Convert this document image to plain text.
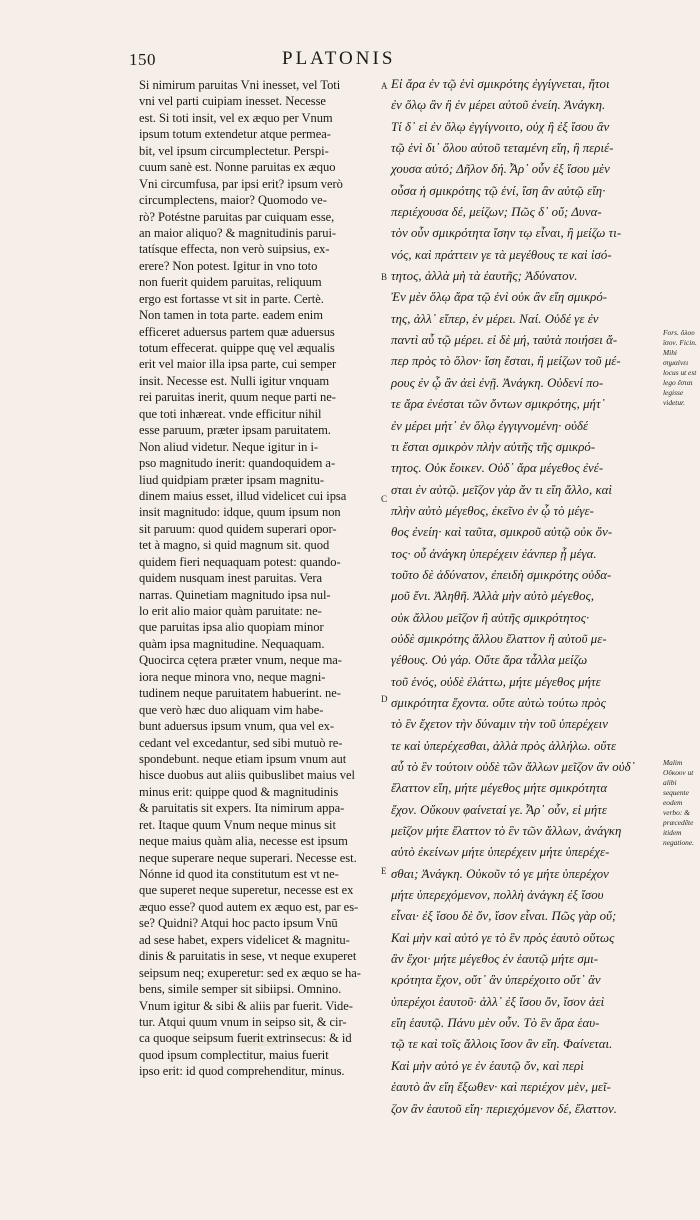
150	PLATONIS
Si nimirum paruitas Vni inesset, vel Toti
vni vel parti cuipiam inesset. Necesse
est. Si toti insit, vel ex æquo per Vnum
ipsum totum extendetur atque permea-
bit, vel ipsum circumplectetur. Perspi-
cuum sanè est. Nonne paruitas ex æquo
Vni circumfusa, par ipsi erit? ipsum verò
circumplectens, maior? Quomodo ve-
rò? Potéstne paruitas par cuiquam esse,
an maior aliquo? & magnitudinis parui-
tatísque effecta, non verò suipsius, ex-
erere? Non potest. Igitur in vno toto
non fuerit quidem paruitas, reliquum
ergo est fortasse vt sit in parte. Certè.
Non tamen in tota parte. eadem enim
efficeret aduersus partem quæ aduersus
totum effecerat. quippe quę vel æqualis
erit vel maior illa ipsa parte, cui semper
insit. Necesse est. Nulli igitur vnquam
rei paruitas inerit, quum neque parti ne-
que toti inhæreat. vnde efficitur nihil
esse paruum, præter ipsam paruitatem.
Non aliud videtur. Neque igitur in i-
pso magnitudo inerit: quandoquidem a-
liud quidpiam præter ipsam magnitu-
dinem maius esset, illud videlicet cui ipsa
insit magnitudo: idque, quum ipsum non
sit paruum: quod quidem superari opor-
tet à magno, si quid magnum sit. quod
quidem fieri nequaquam potest: quando-
quidem nusquam inest paruitas. Vera
narras. Quinetiam magnitudo ipsa nul-
lo erit alio maior quàm paruitate: ne-
que paruitas ipsa alio quopiam minor
quàm ipsa magnitudine. Nequaquam.
Quocirca cętera præter vnum, neque ma-
iora neque minora vno, neque magni-
tudinem neque paruitatem habuerint. ne-
que verò hæc duo aliquam vim habe-
bunt aduersus ipsum vnum, qua vel ex-
cedant vel excedantur, sed sibi mutuò re-
spondebunt. neque etiam ipsum vnum aut
hisce duobus aut aliis quibuslibet maius vel
minus erit: quippe quod & magnitudinis
& paruitatis sit expers. Ita nimirum appa-
ret. Itaque quum Vnum neque minus sit
neque maius quàm alia, necesse est ipsum
neque superare neque superari. Necesse est.
Nónne id quod ita constitutum est vt ne-
que superet neque superetur, necesse est ex
æquo esse? quod autem ex æquo est, par es-
se? Quidni? Atqui hoc pacto ipsum Vnū
ad sese habet, expers videlicet & magnitu-
dinis & paruitatis in sese, vt neque exuperet
seipsum neq; exuperetur: sed ex æquo se ha-
bens, simile semper sit sibiipsi. Omnino.
Vnum igitur & sibi & aliis par fuerit. Vide-
tur. Atqui quum vnum in seipso sit, & cir-
ca quoque seipsum fuerit extrinsecus: & id
quod ipsum complectitur, maius fuerit
ipso erit: id quod comprehenditur, minus.
A
B
C
D
E
Εἰ ἄρα ἐν τῷ ἑνὶ σμικρότης ἐγγίγνεται, ἤτοι
ἐν ὅλῳ ἂν ἢ ἐν μέρει αὐτοῦ ἐνείη. Ἀνάγκη.
Τί δ᾽ εἰ ἐν ὅλῳ ἐγγίγνοιτο, οὐχ ἢ ἐξ ἴσου ἂν
τῷ ἑνὶ δι᾽ ὅλου αὐτοῦ τεταμένη εἴη, ἢ περιέ-
χουσα αὐτό; Δῆλον δή. Ἆρ᾽ οὖν ἐξ ἴσου μὲν
οὖσα ἡ σμικρότης τῷ ἑνί, ἴση ἂν αὐτῷ εἴη·
περιέχουσα δέ, μείζων; Πῶς δ᾽ οὔ; Δυνα-
τὸν οὖν σμικρότητα ἴσην τῳ εἶναι, ἢ μείζω τι-
νός, καὶ πράττειν γε τὰ μεγέθους τε καὶ ἰσό-
τητος, ἀλλὰ μὴ τὰ ἑαυτῆς; Ἀδύνατον.
Ἐν μὲν ὅλῳ ἄρα τῷ ἑνὶ οὐκ ἂν εἴη σμικρό-
της, ἀλλ᾽ εἴπερ, ἐν μέρει. Ναί. Οὐδέ γε ἐν
παντὶ αὖ τῷ μέρει. εἰ δὲ μή, ταὐτὰ ποιήσει ἅ-
περ πρὸς τὸ ὅλον· ἴση ἔσται, ἢ μείζων τοῦ μέ-
ρους ἐν ᾧ ἂν ἀεὶ ἐνῇ. Ἀνάγκη. Οὐδενί πο-
τε ἄρα ἐνέσται τῶν ὄντων σμικρότης, μήτ᾽
ἐν μέρει μήτ᾽ ἐν ὅλῳ ἐγγιγνομένη· οὐδέ
τι ἔσται σμικρὸν πλὴν αὐτῆς τῆς σμικρό-
τητος. Οὐκ ἔοικεν. Οὐδ᾽ ἄρα μέγεθος ἐνέ-
σται ἐν αὐτῷ. μεῖζον γὰρ ἄν τι εἴη ἄλλο, καὶ
πλὴν αὐτὸ μέγεθος, ἐκεῖνο ἐν ᾧ τὸ μέγε-
θος ἐνείη· καὶ ταῦτα, σμικροῦ αὐτῷ οὐκ ὄν-
τος· οὗ ἀνάγκη ὑπερέχειν ἐάνπερ ᾖ μέγα.
τοῦτο δὲ ἀδύνατον, ἐπειδὴ σμικρότης οὐδα-
μοῦ ἔνι. Ἀληθῆ. Ἀλλὰ μὴν αὐτὸ μέγεθος,
οὐκ ἄλλου μεῖζον ἢ αὐτῆς σμικρότητος·
οὐδὲ σμικρότης ἄλλου ἔλαττον ἢ αὐτοῦ με-
γέθους. Οὐ γάρ. Οὔτε ἄρα τἆλλα μείζω
τοῦ ἑνός, οὐδὲ ἐλάττω, μήτε μέγεθος μήτε
σμικρότητα ἔχοντα. οὔτε αὐτὼ τούτω πρὸς
τὸ ἓν ἔχετον τὴν δύναμιν τὴν τοῦ ὑπερέχειν
τε καὶ ὑπερέχεσθαι, ἀλλὰ πρὸς ἀλλήλω. οὔτε
αὖ τὸ ἓν τούτοιν οὐδὲ τῶν ἄλλων μεῖζον ἂν οὐδ᾽
ἔλαττον εἴη, μήτε μέγεθος μήτε σμικρότητα
ἔχον. Οὔκουν φαίνεταί γε. Ἆρ᾽ οὖν, εἰ μήτε
μεῖζον μήτε ἔλαττον τὸ ἓν τῶν ἄλλων, ἀνάγκη
αὐτὸ ἐκείνων μήτε ὑπερέχειν μήτε ὑπερέχε-
σθαι; Ἀνάγκη. Οὐκοῦν τό γε μήτε ὑπερέχον
μήτε ὑπερεχόμενον, πολλὴ ἀνάγκη ἐξ ἴσου
εἶναι· ἐξ ἴσου δὲ ὄν, ἴσον εἶναι. Πῶς γὰρ οὔ;
Καὶ μὴν καὶ αὐτό γε τὸ ἓν πρὸς ἑαυτὸ οὕτως
ἂν ἔχοι· μήτε μέγεθος ἐν ἑαυτῷ μήτε σμι-
κρότητα ἔχον, οὔτ᾽ ἂν ὑπερέχοιτο οὔτ᾽ ἂν
ὑπερέχοι ἑαυτοῦ· ἀλλ᾽ ἐξ ἴσου ὄν, ἴσον ἀεὶ
εἴη ἑαυτῷ. Πάνυ μὲν οὖν. Τὸ ἓν ἄρα ἑαυ-
τῷ τε καὶ τοῖς ἄλλοις ἴσον ἂν εἴη. Φαίνεται.
Καὶ μὴν αὐτό γε ἐν ἑαυτῷ ὄν, καὶ περὶ
ἑαυτὸ ἂν εἴη ἔξωθεν· καὶ περιέχον μὲν, μεῖ-
ζον ἂν ἑαυτοῦ εἴη· περιεχόμενον δέ, ἔλαττον.
Fors. ὅλου ἴσον. Ficin. Mihi σημαίνει locus ut est lego ἔσται legisse videtur.
Malim Οὔκουν ut alibi sequente eodem verbo: & præcedēte itidem negatione.
